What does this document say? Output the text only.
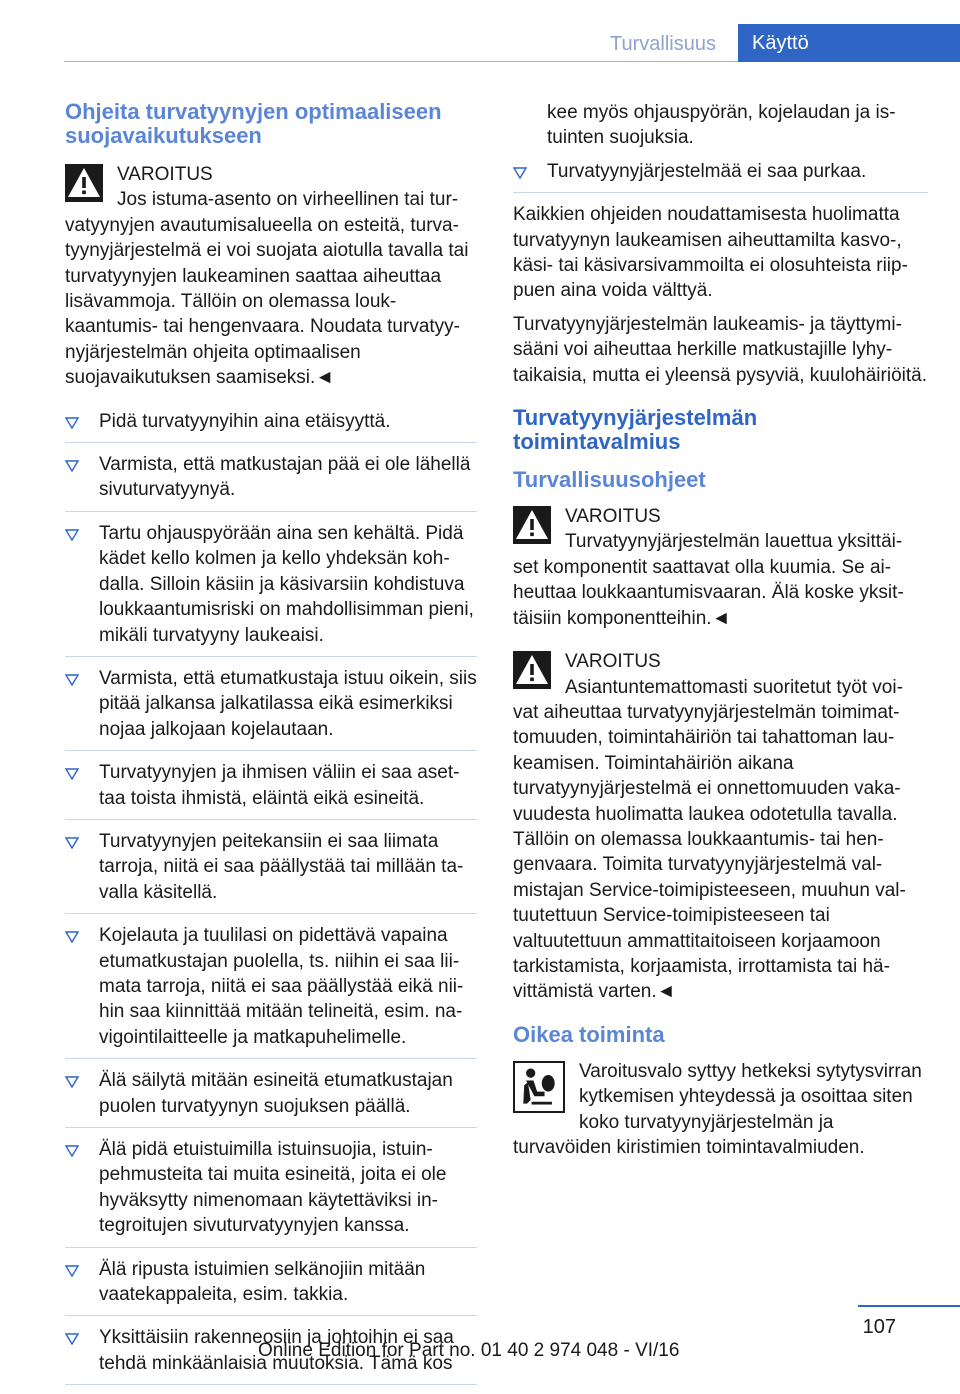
Turvallisuus	Käyttö
Ohjeita turvatyynyjen optimaaliseen suojavaikutukseen
VAROITUS
Jos istuma-asento on virheellinen tai tur-
vatyynyjen avautumisalueella on esteitä, turvatyynyjärjestelmä ei voi suojata aiotulla tavalla tai turvatyynyjen laukeaminen saattaa aiheuttaa lisävammoja. Tällöin on olemassa loukkaantumis- tai hengenvaara. Noudata turvatyynyjärjestelmän ohjeita optimaalisen suojavaikutuksen saamiseksi.◄
Pidä turvatyynyihin aina etäisyyttä.
Varmista, että matkustajan pää ei ole lähellä sivuturvatyynyä.
Tartu ohjauspyörään aina sen kehältä. Pidä kädet kello kolmen ja kello yhdeksän kohdalla. Silloin käsiin ja käsivarsiin kohdistuva loukkaantumisriski on mahdollisimman pieni, mikäli turvatyyny laukeaisi.
Varmista, että etumatkustaja istuu oikein, siis pitää jalkansa jalkatilassa eikä esimerkiksi nojaa jalkojaan kojelautaan.
Turvatyynyjen ja ihmisen väliin ei saa asettaa toista ihmistä, eläintä eikä esineitä.
Turvatyynyjen peitekansiin ei saa liimata tarroja, niitä ei saa päällystää tai millään tavalla käsitellä.
Kojelauta ja tuulilasi on pidettävä vapaina etumatkustajan puolella, ts. niihin ei saa liimata tarroja, niitä ei saa päällystää eikä niihin saa kiinnittää mitään telineitä, esim. navigointilaitteelle ja matkapuhelimelle.
Älä säilytä mitään esineitä etumatkustajan puolen turvatyynyn suojuksen päällä.
Älä pidä etuistuimilla istuinsuojia, istuinpehmusteita tai muita esineitä, joita ei ole hyväksytty nimenomaan käytettäviksi integroitujen sivuturvatyynyjen kanssa.
Älä ripusta istuimien selkänojiin mitään vaatekappaleita, esim. takkia.
Yksittäisiin rakenneosiin ja johtoihin ei saa tehdä minkäänlaisia muutoksia. Tämä kos
kee myös ohjauspyörän, kojelaudan ja istuinten suojuksia.
Turvatyynyjärjestelmää ei saa purkaa.

Kaikkien ohjeiden noudattamisesta huolimatta turvatyynyn laukeamisen aiheuttamilta kasvo-, käsi- tai käsivarsivammoilta ei olosuhteista riippuen aina voida välttyä.

Turvatyynyjärjestelmän laukeamis- ja täyttymisääni voi aiheuttaa herkille matkustajille lyhytaikaisia, mutta ei yleensä pysyviä, kuulohäiriöitä.

Turvatyynyjärjestelmän toimintavalmius
Turvallisuusohjeet
VAROITUS
Turvatyynyjärjestelmän lauettua yksittäi-
set komponentit saattavat olla kuumia. Se aiheuttaa loukkaantumisvaaran. Älä koske yksittäisiin komponentteihin.◄
VAROITUS
Asiantuntemattomasti suoritetut työt voi-
vat aiheuttaa turvatyynyjärjestelmän toimimattomuuden, toimintahäiriön tai tahattoman laukeamisen. Toimintahäiriön aikana turvatyynyjärjestelmä ei onnettomuuden vakavuudesta huolimatta laukea odotetulla tavalla. Tällöin on olemassa loukkaantumis- tai hengenvaara. Toimita turvatyynyjärjestelmä valmistajan Service-toimipisteeseen, muuhun valtuutettuun Service-toimipisteeseen tai valtuutettuun ammattitaitoiseen korjaamoon tarkistamista, korjaamista, irrottamista tai hävittämistä varten.◄
Oikea toiminta
Varoitusvalo syttyy hetkeksi sytytysvirran kytkemisen yhteydessä ja osoittaa siten koko turvatyynyjärjestelmän ja
turvavöiden kiristimien toimintavalmiuden.
107
Online Edition for Part no. 01 40 2 974 048 - VI/16
